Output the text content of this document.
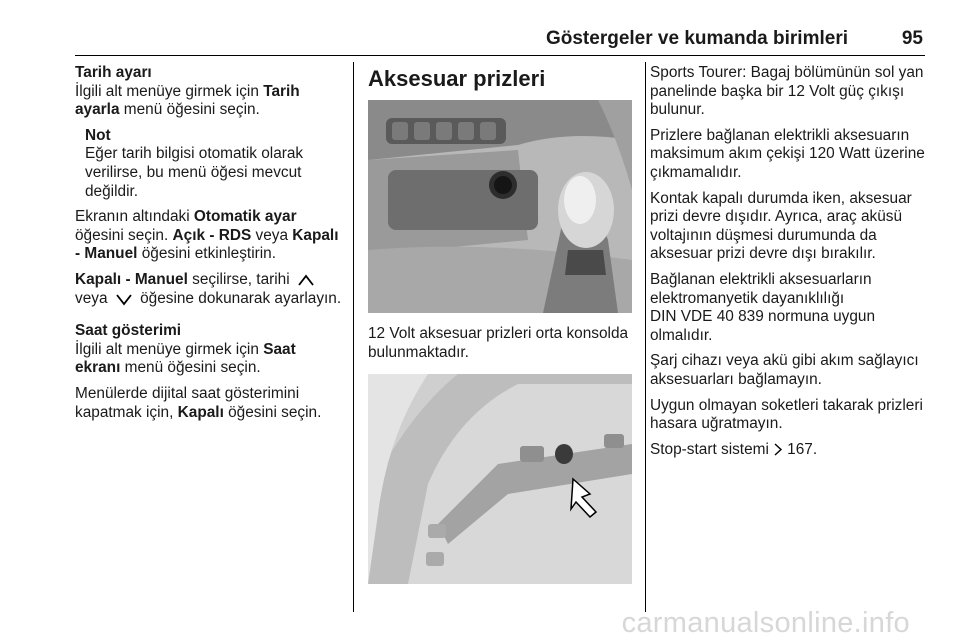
Göstergeler ve kumanda birimleri	95

Tarih ayarı

İlgili alt menüye girmek için Tarih ayarla menü öğesini seçin.

Not
Eğer tarih bilgisi otomatik olarak verilirse, bu menü öğesi mevcut değildir.

Ekranın altındaki Otomatik ayar öğesini seçin. Açık - RDS veya Kapalı - Manuel öğesini etkinleştirin.

Kapalı - Manuel seçilirse, tarihi  veya  öğesine dokunarak ayarlayın.

Saat gösterimi

İlgili alt menüye girmek için Saat ekranı menü öğesini seçin.

Menülerde dijital saat gösterimini kapatmak için, Kapalı öğesini seçin.

Aksesuar prizleri

12 Volt aksesuar prizleri orta konsolda bulunmaktadır.

Sports Tourer: Bagaj bölümünün sol yan panelinde başka bir 12 Volt güç çıkışı bulunur.

Prizlere bağlanan elektrikli aksesuarın maksimum akım çekişi 120 Watt üzerine çıkmamalıdır.

Kontak kapalı durumda iken, aksesuar prizi devre dışıdır. Ayrıca, araç aküsü voltajının düşmesi durumunda da aksesuar prizi devre dışı bırakılır.

Bağlanan elektrikli aksesuarların elektromanyetik dayanıklılığı
DIN VDE 40 839 normuna uygun olmalıdır.

Şarj cihazı veya akü gibi akım sağlayıcı aksesuarları bağlamayın.

Uygun olmayan soketleri takarak prizleri hasara uğratmayın.

Stop-start sistemi 167.

carmanualsonline.info
